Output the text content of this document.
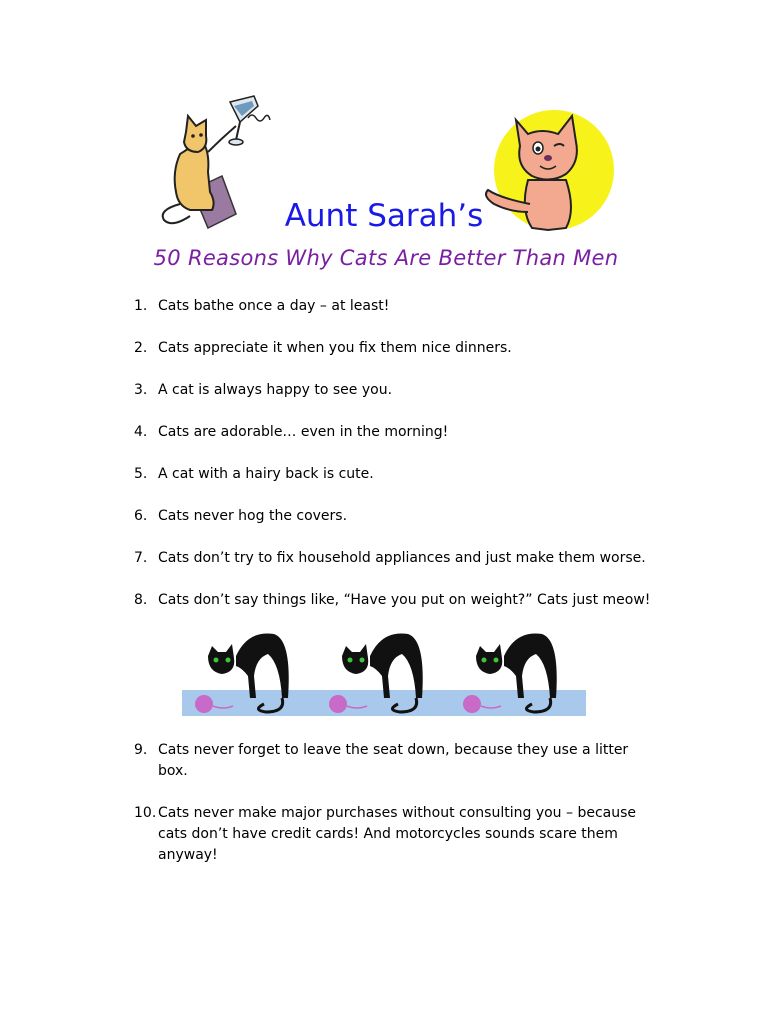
Aunt Sarah’s
50 Reasons Why Cats Are Better Than Men
1. Cats bathe once a day – at least!
2. Cats appreciate it when you fix them nice dinners.
3. A cat is always happy to see you.
4. Cats are adorable… even in the morning!
5. A cat with a hairy back is cute.
6. Cats never hog the covers.
7. Cats don’t try to fix household appliances and just make them worse.
8. Cats don’t say things like, “Have you put on weight?” Cats just meow!
9. Cats never forget to leave the seat down, because they use a litter box.
10. Cats never make major purchases without consulting you – because cats don’t have credit cards! And motorcycles sounds scare them anyway!
